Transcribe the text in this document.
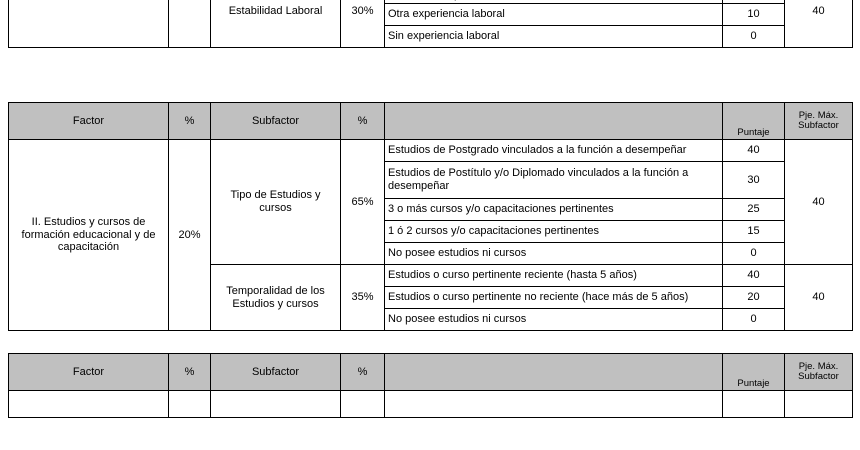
		Estabilidad Laboral	30%			40
				Otra experiencia laboral	10	
				Sin experiencia laboral	0	
Factor	%	Subfactor	%		Puntaje	Pje. Máx.
Subfactor
II. Estudios y cursos de formación educacional y de capacitación	20%	Tipo de Estudios y cursos	65%	Estudios de Postgrado vinculados a la función a desempeñar	40	40
				Estudios de Postítulo y/o Diplomado vinculados a la función a desempeñar	30	
				3 o más cursos y/o capacitaciones pertinentes	25	
				1 ó 2 cursos y/o capacitaciones pertinentes	15	
				No posee estudios ni cursos	0	
		Temporalidad de los Estudios y cursos	35%	Estudios o curso pertinente reciente (hasta 5 años)	40	40
				Estudios o curso pertinente no reciente (hace más de 5 años)	20	
				No posee estudios ni cursos	0	
Factor	%	Subfactor	%		Puntaje	Pje. Máx.
Subfactor
